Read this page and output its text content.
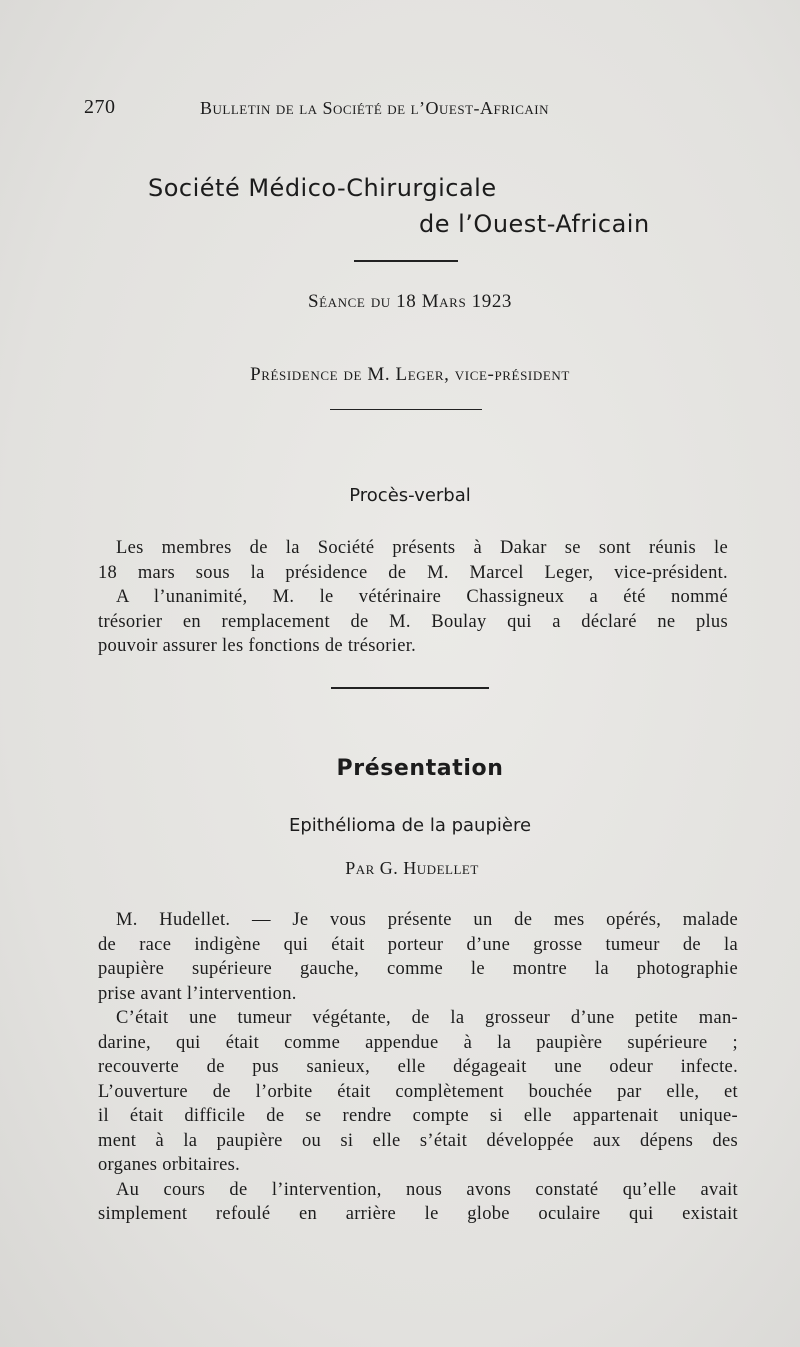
270	Bulletin de la Société de l’Ouest-Africain
Société Médico-Chirurgicale
de l’Ouest-Africain
Séance du 18 Mars 1923
Présidence de M. Leger, vice-président
Procès-verbal

Les membres de la Société présents à Dakar se sont réunis le
18 mars sous la présidence de M. Marcel Leger, vice-président.

A l’unanimité, M. le vétérinaire Chassigneux a été nommé
trésorier en remplacement de M. Boulay qui a déclaré ne plus
pouvoir assurer les fonctions de trésorier.

Présentation
Epithélioma de la paupière
Par G. Hudellet

M. Hudellet. — Je vous présente un de mes opérés, malade
de race indigène qui était porteur d’une grosse tumeur de la
paupière supérieure gauche, comme le montre la photographie
prise avant l’intervention.

C’était une tumeur végétante, de la grosseur d’une petite man-
darine, qui était comme appendue à la paupière supérieure ;
recouverte de pus sanieux, elle dégageait une odeur infecte.
L’ouverture de l’orbite était complètement bouchée par elle, et
il était difficile de se rendre compte si elle appartenait unique-
ment à la paupière ou si elle s’était développée aux dépens des
organes orbitaires.

Au cours de l’intervention, nous avons constaté qu’elle avait
simplement refoulé en arrière le globe oculaire qui existait
